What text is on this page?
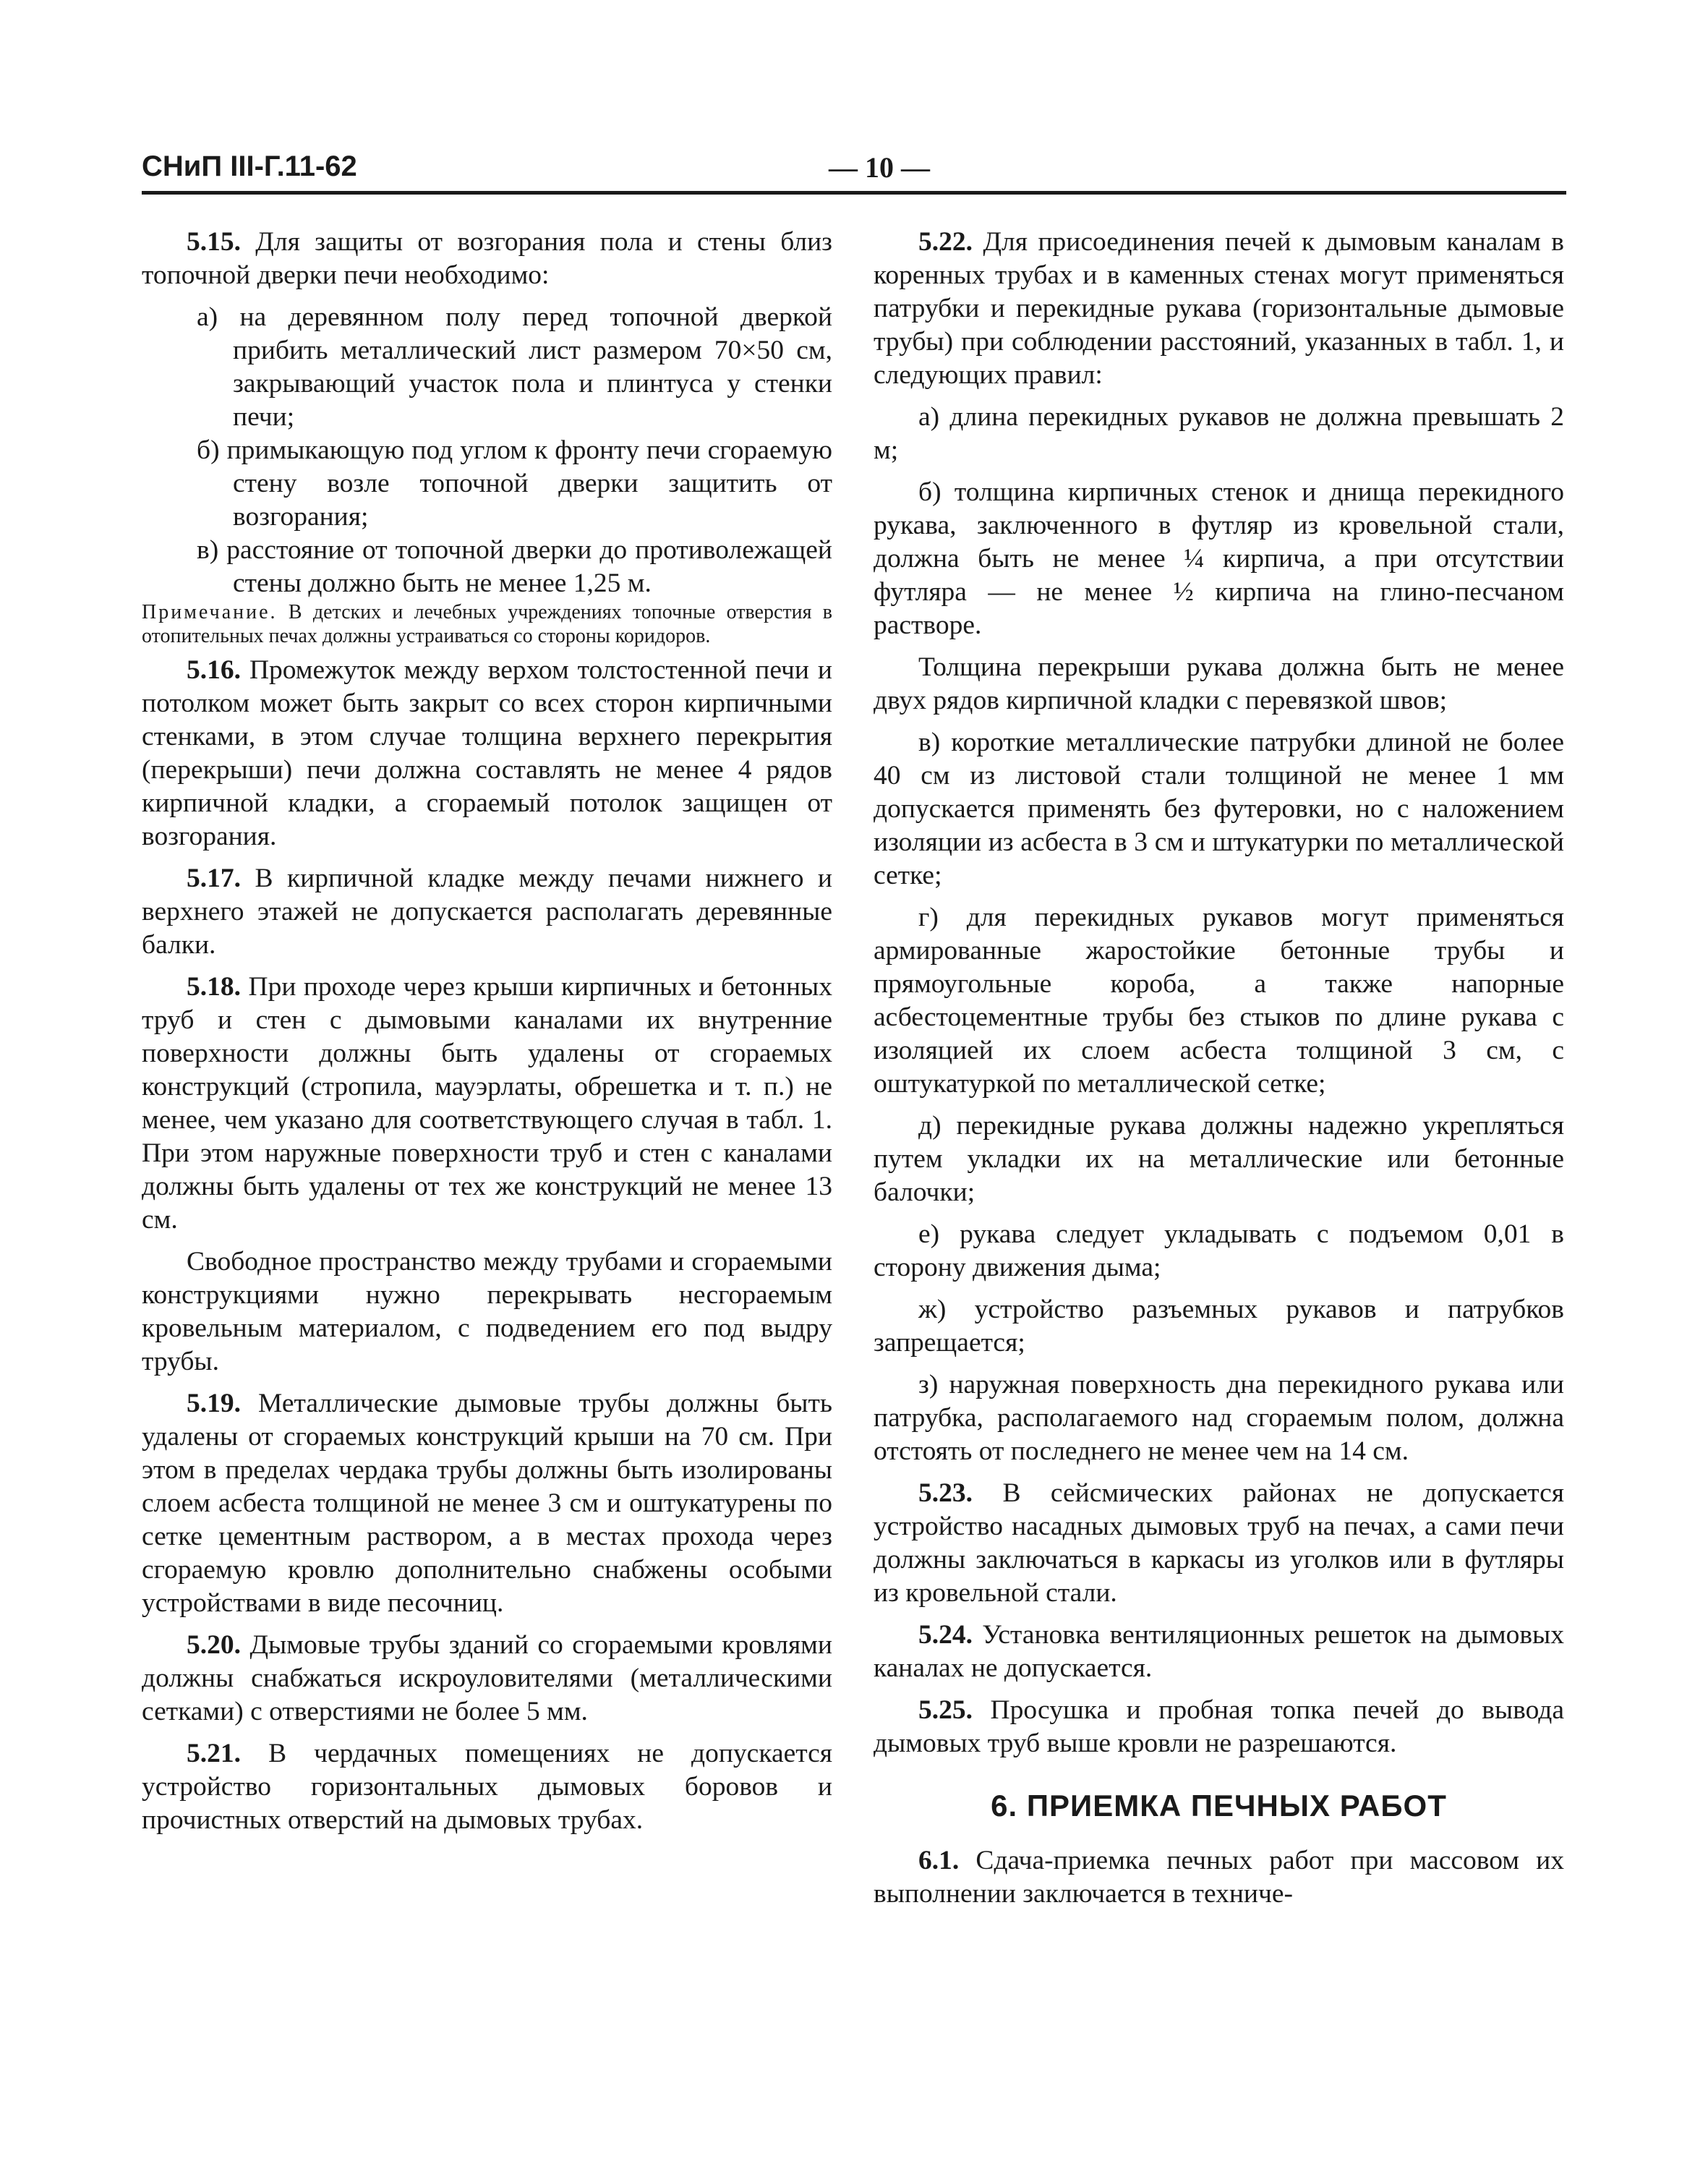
СНиП III-Г.11-62	— 10 —

5.15. Для защиты от возгорания пола и стены близ топочной дверки печи необходимо:

а) на деревянном полу перед топочной дверкой прибить металлический лист размером 70×50 см, закрывающий участок пола и плинтуса у стенки печи;

б) примыкающую под углом к фронту печи сгораемую стену возле топочной дверки защитить от возгорания;

в) расстояние от топочной дверки до противолежащей стены должно быть не менее 1,25 м.

Примечание. В детских и лечебных учреждениях топочные отверстия в отопительных печах должны устраиваться со стороны коридоров.

5.16. Промежуток между верхом толстостенной печи и потолком может быть закрыт со всех сторон кирпичными стенками, в этом случае толщина верхнего перекрытия (перекрыши) печи должна составлять не менее 4 рядов кирпичной кладки, а сгораемый потолок защищен от возгорания.

5.17. В кирпичной кладке между печами нижнего и верхнего этажей не допускается располагать деревянные балки.

5.18. При проходе через крыши кирпичных и бетонных труб и стен с дымовыми каналами их внутренние поверхности должны быть удалены от сгораемых конструкций (стропила, мауэрлаты, обрешетка и т. п.) не менее, чем указано для соответствующего случая в табл. 1. При этом наружные поверхности труб и стен с каналами должны быть удалены от тех же конструкций не менее 13 см.

Свободное пространство между трубами и сгораемыми конструкциями нужно перекрывать несгораемым кровельным материалом, с подведением его под выдру трубы.

5.19. Металлические дымовые трубы должны быть удалены от сгораемых конструкций крыши на 70 см. При этом в пределах чердака трубы должны быть изолированы слоем асбеста толщиной не менее 3 см и оштукатурены по сетке цементным раствором, а в местах прохода через сгораемую кровлю дополнительно снабжены особыми устройствами в виде песочниц.

5.20. Дымовые трубы зданий со сгораемыми кровлями должны снабжаться искроуловителями (металлическими сетками) с отверстиями не более 5 мм.

5.21. В чердачных помещениях не допускается устройство горизонтальных дымовых боровов и прочистных отверстий на дымовых трубах.

5.22. Для присоединения печей к дымовым каналам в коренных трубах и в каменных стенах могут применяться патрубки и перекидные рукава (горизонтальные дымовые трубы) при соблюдении расстояний, указанных в табл. 1, и следующих правил:

а) длина перекидных рукавов не должна превышать 2 м;

б) толщина кирпичных стенок и днища перекидного рукава, заключенного в футляр из кровельной стали, должна быть не менее ¼ кирпича, а при отсутствии футляра — не менее ½ кирпича на глино-песчаном растворе.

Толщина перекрыши рукава должна быть не менее двух рядов кирпичной кладки с перевязкой швов;

в) короткие металлические патрубки длиной не более 40 см из листовой стали толщиной не менее 1 мм допускается применять без футеровки, но с наложением изоляции из асбеста в 3 см и штукатурки по металлической сетке;

г) для перекидных рукавов могут применяться армированные жаростойкие бетонные трубы и прямоугольные короба, а также напорные асбестоцементные трубы без стыков по длине рукава с изоляцией их слоем асбеста толщиной 3 см, с оштукатуркой по металлической сетке;

д) перекидные рукава должны надежно укрепляться путем укладки их на металлические или бетонные балочки;

е) рукава следует укладывать с подъемом 0,01 в сторону движения дыма;

ж) устройство разъемных рукавов и патрубков запрещается;

з) наружная поверхность дна перекидного рукава или патрубка, располагаемого над сгораемым полом, должна отстоять от последнего не менее чем на 14 см.

5.23. В сейсмических районах не допускается устройство насадных дымовых труб на печах, а сами печи должны заключаться в каркасы из уголков или в футляры из кровельной стали.

5.24. Установка вентиляционных решеток на дымовых каналах не допускается.

5.25. Просушка и пробная топка печей до вывода дымовых труб выше кровли не разрешаются.

6. ПРИЕМКА ПЕЧНЫХ РАБОТ

6.1. Сдача-приемка печных работ при массовом их выполнении заключается в техниче-
